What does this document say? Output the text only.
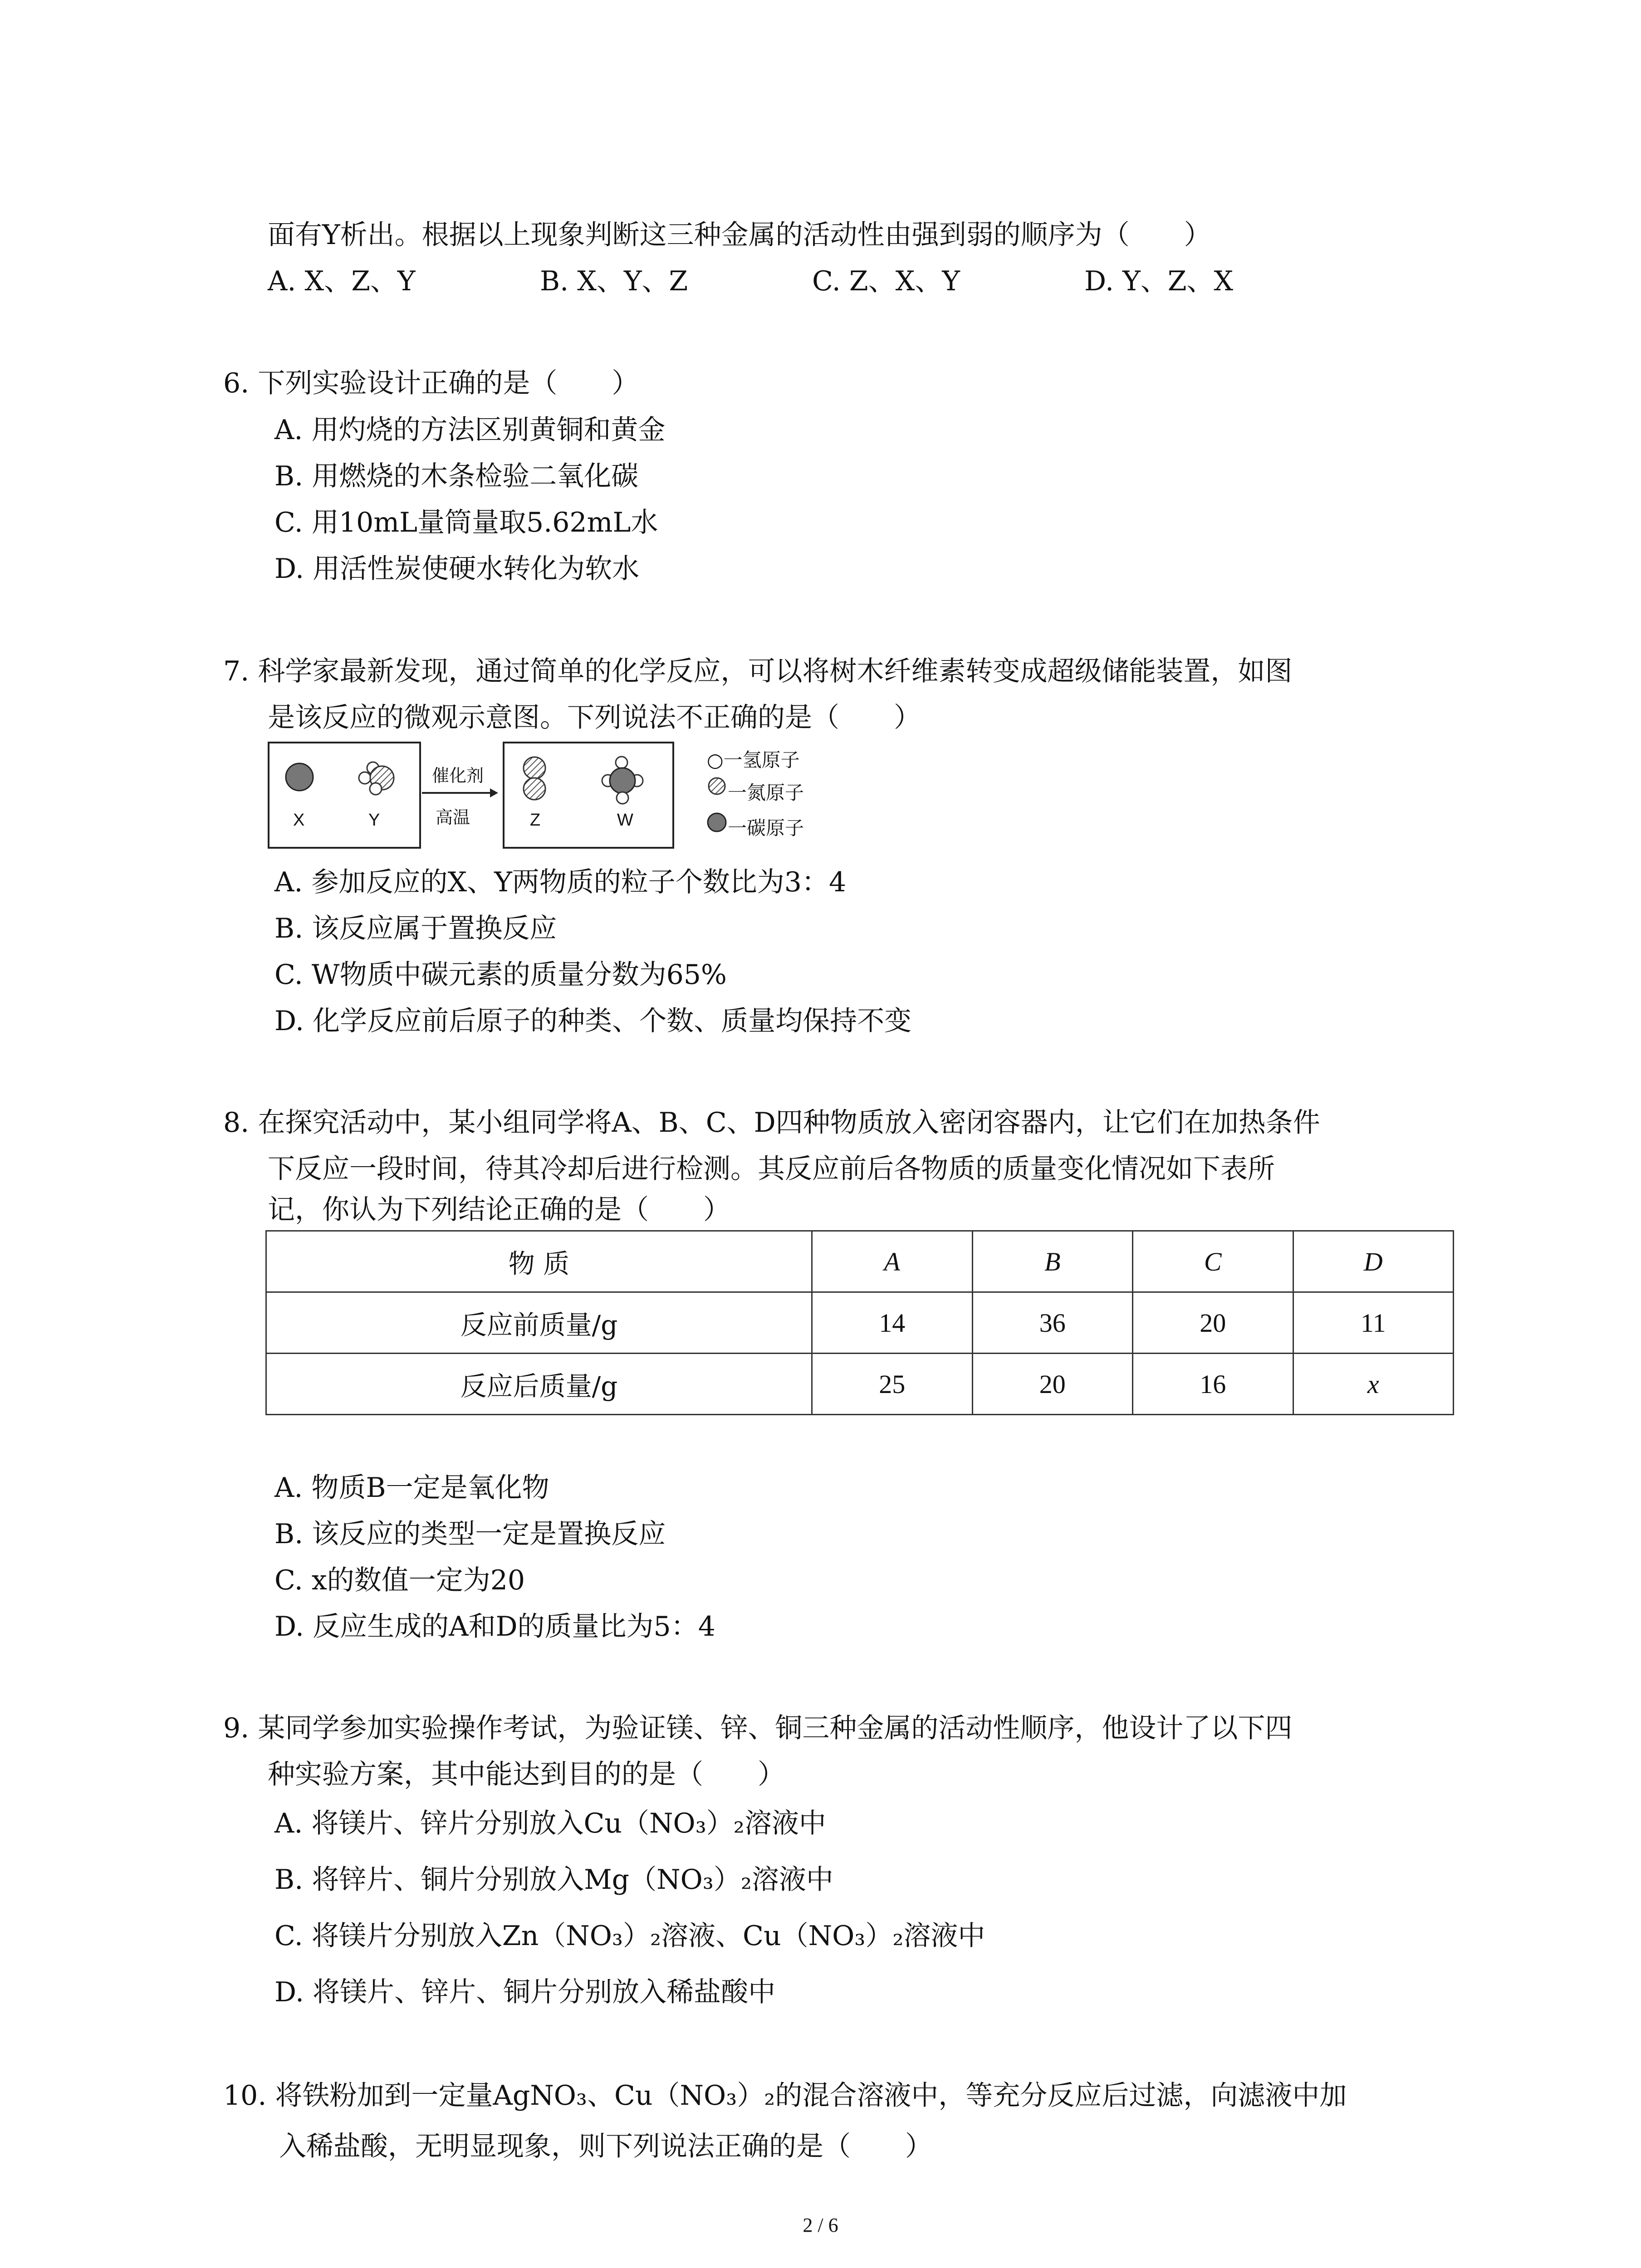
面有Y析出。根据以上现象判断这三种金属的活动性由强到弱的顺序为（　　）
A. X、Z、Y	B. X、Y、Z	C. Z、X、Y	D. Y、Z、X
6. 下列实验设计正确的是（　　）
A. 用灼烧的方法区别黄铜和黄金
B. 用燃烧的木条检验二氧化碳
C. 用10mL量筒量取5.62mL水
D. 用活性炭使硬水转化为软水
7. 科学家最新发现，通过简单的化学反应，可以将树木纤维素转变成超级储能装置，如图
是该反应的微观示意图。下列说法不正确的是（　　）
X	Y
催化剂
高温	Z	W
○一氢原子
一氮原子
一碳原子
A. 参加反应的X、Y两物质的粒子个数比为3：4
B. 该反应属于置换反应
C. W物质中碳元素的质量分数为65%
D. 化学反应前后原子的种类、个数、质量均保持不变
8. 在探究活动中，某小组同学将A、B、C、D四种物质放入密闭容器内，让它们在加热条件
下反应一段时间，待其冷却后进行检测。其反应前后各物质的质量变化情况如下表所
记，你认为下列结论正确的是（　　）
物 质	A	B	C	D
反应前质量/g	14	36	20	11
反应后质量/g	25	20	16	x
A. 物质B一定是氧化物
B. 该反应的类型一定是置换反应
C. x的数值一定为20
D. 反应生成的A和D的质量比为5：4
9. 某同学参加实验操作考试，为验证镁、锌、铜三种金属的活动性顺序，他设计了以下四
种实验方案，其中能达到目的的是（　　）
A. 将镁片、锌片分别放入Cu（NO₃）₂溶液中
B. 将锌片、铜片分别放入Mg（NO₃）₂溶液中
C. 将镁片分别放入Zn（NO₃）₂溶液、Cu（NO₃）₂溶液中
D. 将镁片、锌片、铜片分别放入稀盐酸中
10. 将铁粉加到一定量AgNO₃、Cu（NO₃）₂的混合溶液中，等充分反应后过滤，向滤液中加
入稀盐酸，无明显现象，则下列说法正确的是（　　）
2 / 6
